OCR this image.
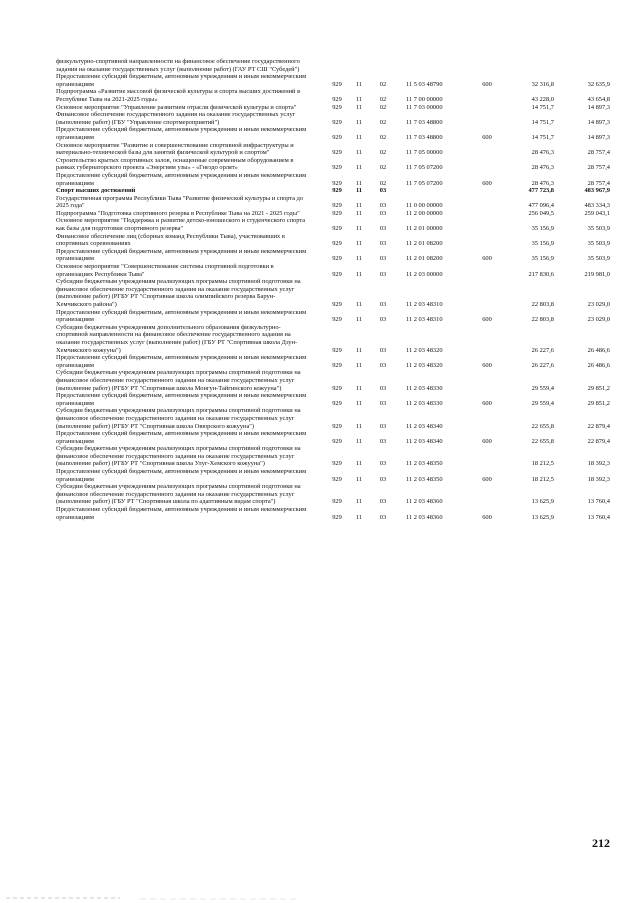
физкультурно-спортивной направленности на финансовое обеспечение государственного задания на оказание государственных услуг (выполнение работ) (ГАУ РТ СШ "Субедей")
Предоставление субсидий бюджетным, автономным учреждениям и иным некоммерческим организациям	929	11	02	11 5 03 48790	600	32 316,8	32 635,9
Подпрограмма «Развитие массовой физической культуры и спорта высших достижений в Республике Тыва на 2021-2025 годы»	929	11	02	11 7 00 00000	43 228,0	43 654,8
Основное мероприятие "Управление развитием отрасли физической культуры и спорта"	929	11	02	11 7 03 00000	14 751,7	14 897,3
Финансовое обеспечение государственного задания на оказание государственных услуг (выполнение работ) (ГБУ "Управление спортмероприятий")	929	11	02	11 7 03 48800	14 751,7	14 897,3
Предоставление субсидий бюджетным, автономным учреждениям и иным некоммерческим организациям	929	11	02	11 7 03 48800	600	14 751,7	14 897,3
Основное мероприятие "Развитие и совершенствование спортивной инфраструктуры и материально-технической базы для занятий физической культурой и спортом"	929	11	02	11 7 05 00000	28 476,3	28 757,4
Строительство крытых спортивных залов, оснащенные современным оборудованием в рамках губернаторского проекта «Энергиям узы» - «Гнездо орлят»	929	11	02	11 7 05 07200	28 476,3	28 757,4
Предоставление субсидий бюджетным, автономным учреждениям и иным некоммерческим организациям	929	11	02	11 7 05 07200	600	28 476,3	28 757,4
Спорт высших достижений	929	11	03	477 723,8	483 967,9
Государственная программа Республики Тыва "Развитие физической культуры и спорта до 2025 года"	929	11	03	11 0 00 00000	477 096,4	483 334,3
Подпрограмма "Подготовка спортивного резерва в Республике Тыва на 2021 - 2025 годы"	929	11	03	11 2 00 00000	256 049,5	259 043,1
Основное мероприятие "Поддержка и развитие детско-юношеского и студенческого спорта как базы для подготовки спортивного резерва"	929	11	03	11 2 01 00000	35 156,9	35 503,9
Финансовое обеспечение лиц (сборных команд Республики Тыва), участвовавших в спортивных соревнованиях	929	11	03	11 2 01 08200	35 156,9	35 503,9
Предоставление субсидий бюджетным, автономным учреждениям и иным некоммерческим организациям	929	11	03	11 2 01 08200	600	35 156,9	35 503,9
Основное мероприятие "Совершенствование системы спортивной подготовки в организациях Республики Тыва"	929	11	03	11 2 03 00000	217 830,6	219 981,0
Субсидии бюджетным учреждениям реализующих программы спортивной подготовки на финансовое обеспечение государственного задания на оказание государственных услуг (выполнение работ) (РГБУ РТ "Спортивная школа олимпийского резерва Барун-Хемчикского района")	929	11	03	11 2 03 48310	22 803,8	23 029,0
Предоставление субсидий бюджетным, автономным учреждениям и иным некоммерческим организациям	929	11	03	11 2 03 48310	600	22 803,8	23 029,0
Субсидии бюджетным учреждениям дополнительного образования физкультурно-спортивной направленности на финансовое обеспечение государственного задания на оказание государственных услуг (выполнение работ) (ГБУ РТ "Спортивная школа Дзун-Хемчикского кожууна")	929	11	03	11 2 03 48320	26 227,6	26 486,6
Предоставление субсидий бюджетным, автономным учреждениям и иным некоммерческим организациям	929	11	03	11 2 03 48320	600	26 227,6	26 486,6
Субсидии бюджетным учреждениям реализующих программы спортивной подготовки на финансовое обеспечение государственного задания на оказание государственных услуг (выполнение работ) (РГБУ РТ "Спортивная школа Монгун-Тайгинского кожууна")	929	11	03	11 2 03 48330	29 559,4	29 851,2
Предоставление субсидий бюджетным, автономным учреждениям и иным некоммерческим организациям	929	11	03	11 2 03 48330	600	29 559,4	29 851,2
Субсидии бюджетным учреждениям реализующих программы спортивной подготовки на финансовое обеспечение государственного задания на оказание государственных услуг (выполнение работ) (РГБУ РТ "Спортивная школа Овюрского кожууна")	929	11	03	11 2 03 48340	22 655,8	22 879,4
Предоставление субсидий бюджетным, автономным учреждениям и иным некоммерческим организациям	929	11	03	11 2 03 48340	600	22 655,8	22 879,4
Субсидии бюджетным учреждениям реализующих программы спортивной подготовки на финансовое обеспечение государственного задания на оказание государственных услуг (выполнение работ) (РГБУ РТ "Спортивная школа Улуг-Хемского кожууна")	929	11	03	11 2 03 48350	18 212,5	18 392,3
Предоставление субсидий бюджетным, автономным учреждениям и иным некоммерческим организациям	929	11	03	11 2 03 48350	600	18 212,5	18 392,3
Субсидии бюджетным учреждениям реализующих программы спортивной подготовки на финансовое обеспечение государственного задания на оказание государственных услуг (выполнение работ) (ГБУ РТ "Спортивная школа по адаптивным видам спорта")	929	11	03	11 2 03 48360	13 625,9	13 760,4
Предоставление субсидий бюджетным, автономным учреждениям и иным некоммерческим организациям	929	11	03	11 2 03 48360	600	13 625,9	13 760,4
212
